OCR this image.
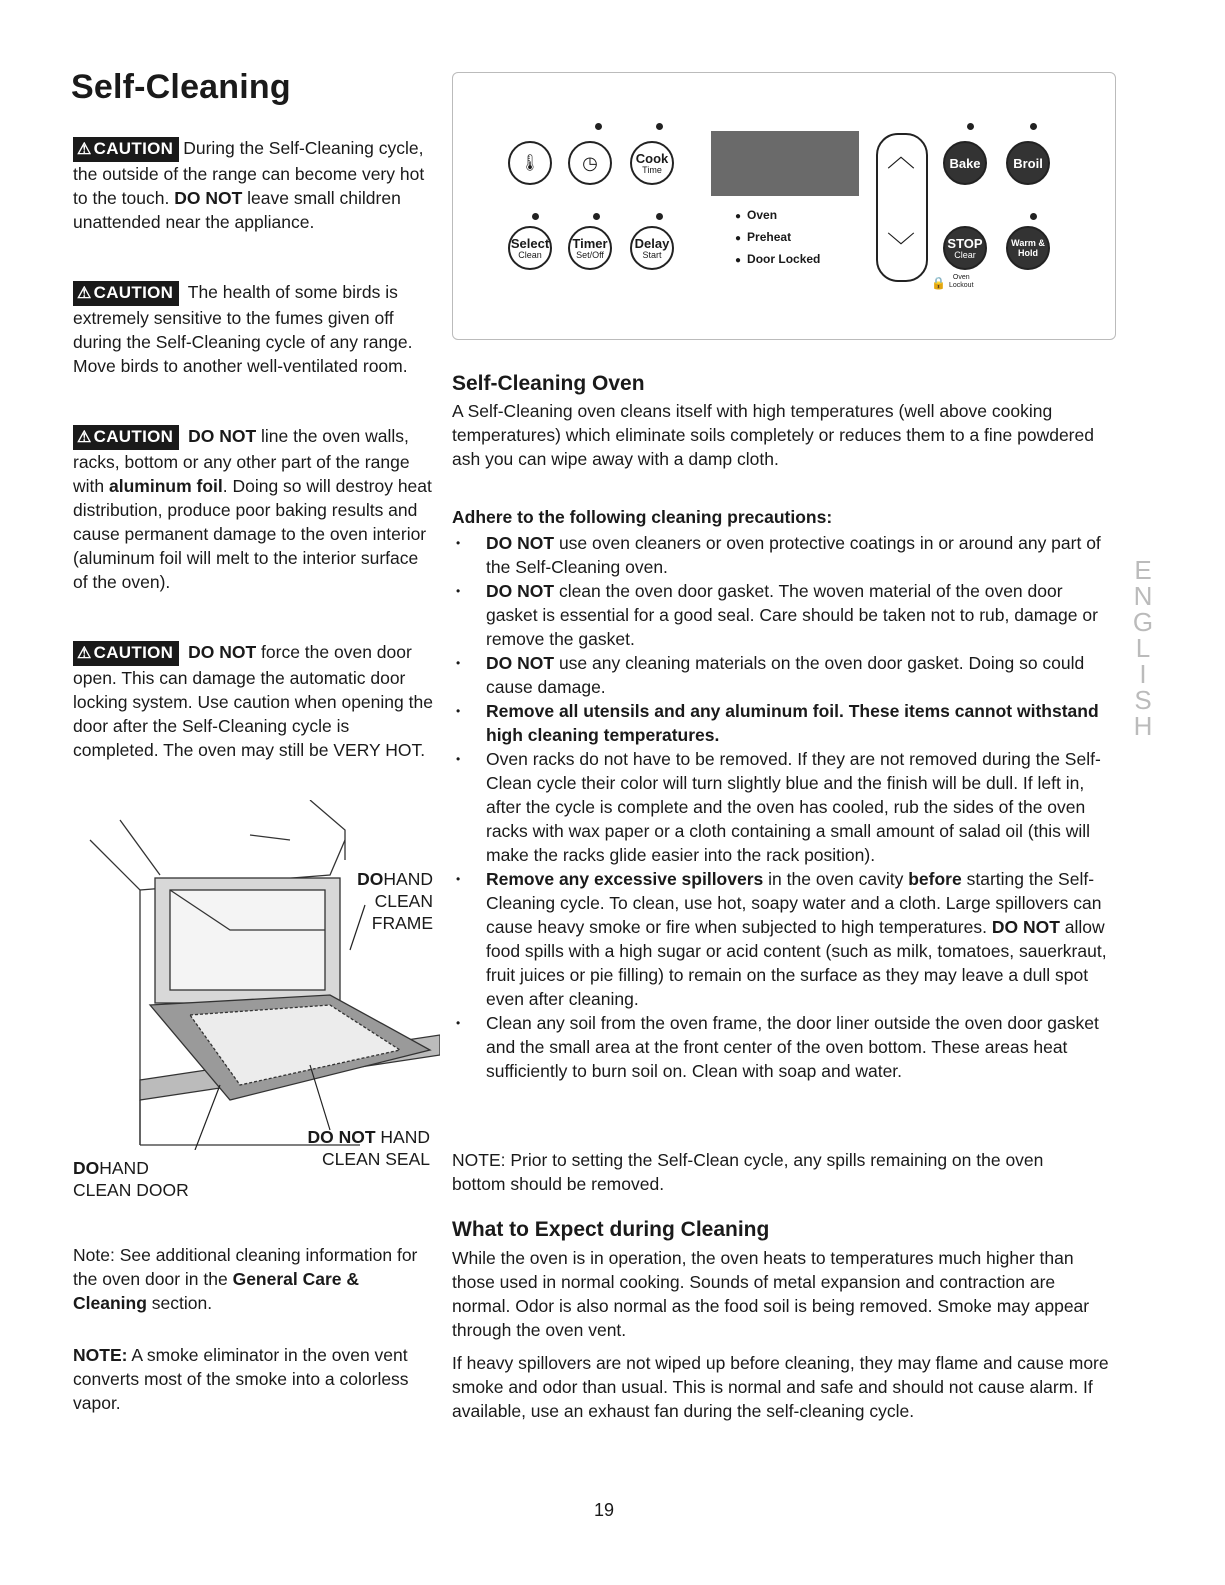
Self-Cleaning
⚠ CAUTION During the Self-Cleaning cycle, the outside of the range can become very hot to the touch. DO NOT leave small children unattended near the appliance.
⚠ CAUTION The health of some birds is extremely sensitive to the fumes given off during the Self-Cleaning cycle of any range. Move birds to another well-ventilated room.
⚠ CAUTION DO NOT line the oven walls, racks, bottom or any other part of the range with aluminum foil. Doing so will destroy heat distribution, produce poor baking results and cause permanent damage to the oven interior (aluminum foil will melt to the interior surface of the oven).
⚠ CAUTION DO NOT force the oven door open. This can damage the automatic door locking system. Use caution when opening the door after the Self-Cleaning cycle is completed. The oven may still be VERY HOT.
DOHAND
CLEAN
FRAME
DOHAND
CLEAN DOOR
DO NOT HAND
CLEAN SEAL
Note: See additional cleaning information for the oven door in the General Care & Cleaning section.
NOTE: A smoke eliminator in the oven vent converts most of the smoke into a colorless vapor.
🌡 ◷	Cook
Time
Select
Clean
Timer
Set/Off
Delay
Start
● Oven
● Preheat
● Door Locked
︿
﹀
Bake	Broil
STOP
Clear
Warm &
Hold
🔒 Oven
Lockout
Self-Cleaning Oven
A Self-Cleaning oven cleans itself with high temperatures (well above cooking temperatures) which eliminate soils completely or reduces them to a fine powdered ash you can wipe away with a damp cloth.
Adhere to the following cleaning precautions:
• DO NOT use oven cleaners or oven protective coatings in or around any part of the Self-Cleaning oven.
• DO NOT clean the oven door gasket. The woven material of the oven door gasket is essential for a good seal. Care should be taken not to rub, damage or remove the gasket.
• DO NOT use any cleaning materials on the oven door gasket. Doing so could cause damage.
• Remove all utensils and any aluminum foil. These items cannot withstand high cleaning temperatures.
• Oven racks do not have to be removed. If they are not removed during the Self-Clean cycle their color will turn slightly blue and the finish will be dull. If left in, after the cycle is complete and the oven has cooled, rub the sides of the oven racks with wax paper or a cloth containing a small amount of salad oil (this will make the racks glide easier into the rack position).
• Remove any excessive spillovers in the oven cavity before starting the Self-Cleaning cycle. To clean, use hot, soapy water and a cloth. Large spillovers can cause heavy smoke or fire when subjected to high temperatures. DO NOT allow food spills with a high sugar or acid content (such as milk, tomatoes, sauerkraut, fruit juices or pie filling) to remain on the surface as they may leave a dull spot even after cleaning.
• Clean any soil from the oven frame, the door liner outside the oven door gasket and the small area at the front center of the oven bottom. These areas heat sufficiently to burn soil on. Clean with soap and water.
NOTE: Prior to setting the Self-Clean cycle, any spills remaining on the oven bottom should be removed.
What to Expect during Cleaning
While the oven is in operation, the oven heats to temperatures much higher than those used in normal cooking. Sounds of metal expansion and contraction are normal. Odor is also normal as the food soil is being removed. Smoke may appear through the oven vent.
If heavy spillovers are not wiped up before cleaning, they may flame and cause more smoke and odor than usual. This is normal and safe and should not cause alarm. If available, use an exhaust fan during the self-cleaning cycle.
ENGLISH
19
